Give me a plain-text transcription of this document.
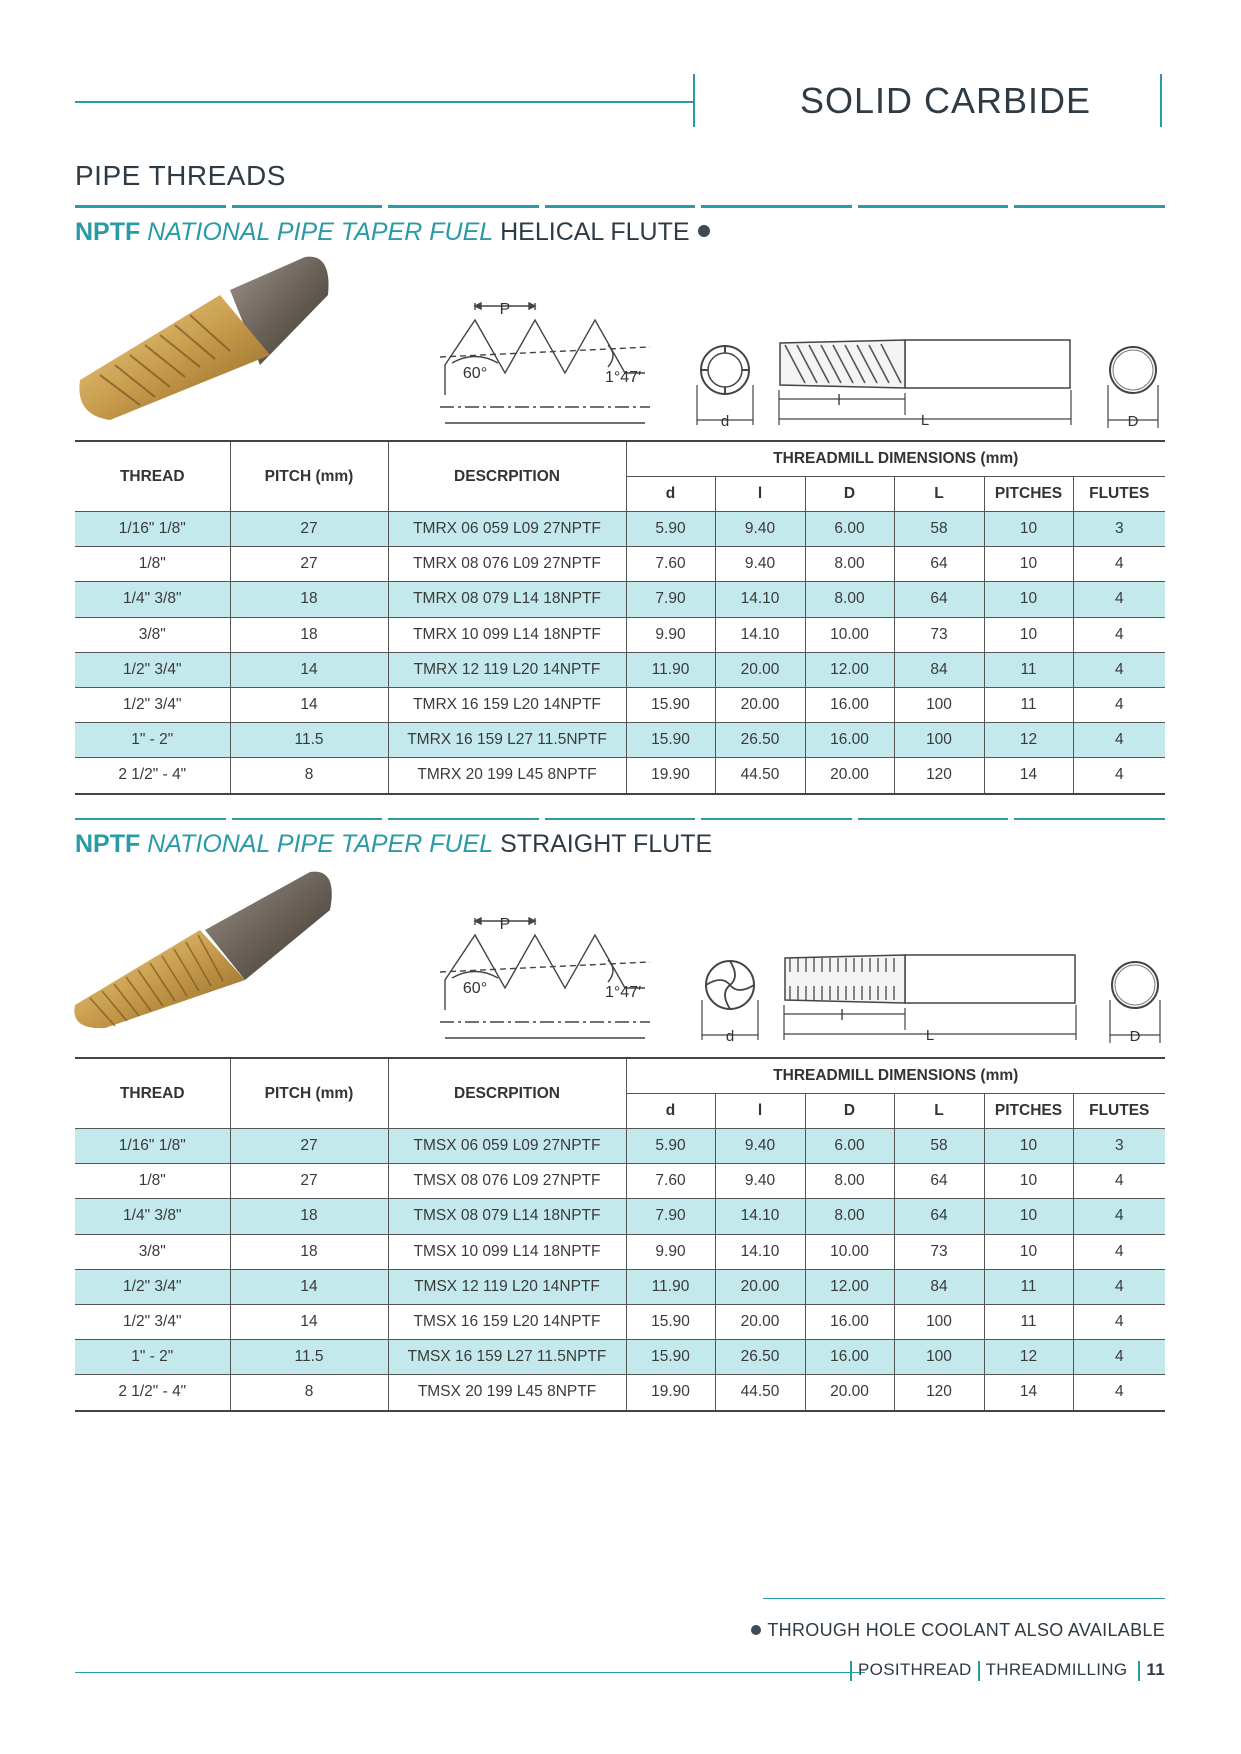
SOLID CARBIDE
PIPE THREADS
NPTF NATIONAL PIPE TAPER FUEL HELICAL FLUTE
P
60°	1°47′
d
l
L	D
THREAD	PITCH (mm)	DESCRPITION	THREADMILL DIMENSIONS (mm)					
			d	l	D	L	PITCHES	FLUTES
1/16" 1/8"	27	TMRX 06 059 L09 27NPTF	5.90	9.40	6.00	58	10	3
1/8"	27	TMRX 08 076 L09 27NPTF	7.60	9.40	8.00	64	10	4
1/4" 3/8"	18	TMRX 08 079 L14 18NPTF	7.90	14.10	8.00	64	10	4
3/8"	18	TMRX 10 099 L14 18NPTF	9.90	14.10	10.00	73	10	4
1/2" 3/4"	14	TMRX 12 119 L20 14NPTF	11.90	20.00	12.00	84	11	4
1/2" 3/4"	14	TMRX 16 159 L20 14NPTF	15.90	20.00	16.00	100	11	4
1" - 2"	11.5	TMRX 16 159 L27 11.5NPTF	15.90	26.50	16.00	100	12	4
2 1/2" - 4"	8	TMRX 20 199 L45 8NPTF	19.90	44.50	20.00	120	14	4
NPTF NATIONAL PIPE TAPER FUEL STRAIGHT FLUTE
P
60°	1°47′
d
l
L	D
THREAD	PITCH (mm)	DESCRPITION	THREADMILL DIMENSIONS (mm)					
			d	l	D	L	PITCHES	FLUTES
1/16" 1/8"	27	TMSX 06 059 L09 27NPTF	5.90	9.40	6.00	58	10	3
1/8"	27	TMSX 08 076 L09 27NPTF	7.60	9.40	8.00	64	10	4
1/4" 3/8"	18	TMSX 08 079 L14 18NPTF	7.90	14.10	8.00	64	10	4
3/8"	18	TMSX 10 099 L14 18NPTF	9.90	14.10	10.00	73	10	4
1/2" 3/4"	14	TMSX 12 119 L20 14NPTF	11.90	20.00	12.00	84	11	4
1/2" 3/4"	14	TMSX 16 159 L20 14NPTF	15.90	20.00	16.00	100	11	4
1" - 2"	11.5	TMSX 16 159 L27 11.5NPTF	15.90	26.50	16.00	100	12	4
2 1/2" - 4"	8	TMSX 20 199 L45 8NPTF	19.90	44.50	20.00	120	14	4
THROUGH HOLE COOLANT ALSO AVAILABLE
POSITHREAD THREADMILLING 11
